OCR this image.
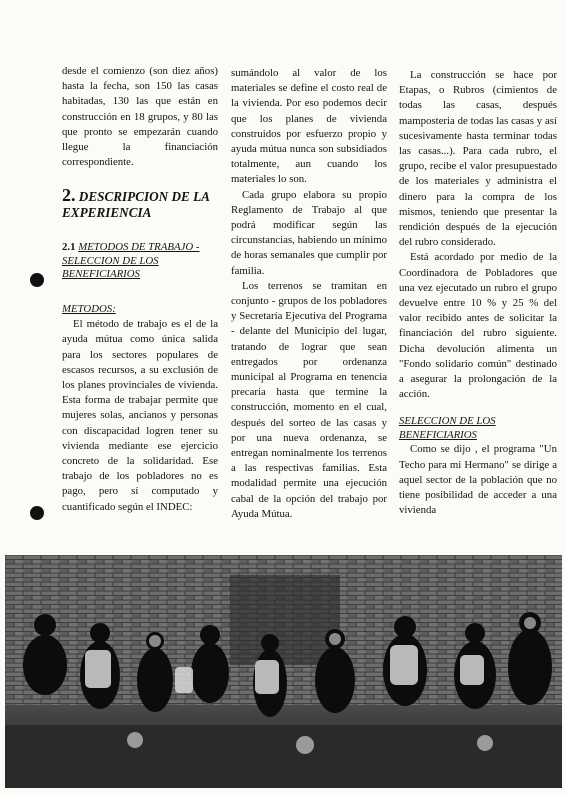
desde el comienzo (son diez años) hasta la fecha, son 150 las casas habitadas, 130 las que están en construcción en 18 grupos, y 80 las que pronto se empezarán cuando llegue la financiación correspondiente.

2. DESCRIPCION DE LA EXPERIENCIA
2.1 METODOS DE TRABAJO - SELECCION DE LOS BENEFICIARIOS
METODOS:

El método de trabajo es el de la ayuda mútua como única salida para los sectores populares de escasos recursos, a su exclusión de los planes provinciales de vivienda. Esta forma de trabajar permite que mujeres solas, ancianos y personas con discapacidad logren tener su vivienda mediante ese ejercicio concreto de la solidaridad. Ese trabajo de los pobladores no es pago, pero sí computado y cuantificado según el INDEC:

sumándolo al valor de los materiales se define el costo real de la vivienda. Por eso podemos decir que los planes de vivienda construidos por esfuerzo propio y ayuda mútua nunca son subsidiados totalmente, aun cuando los materiales lo son.

Cada grupo elabora su propio Reglamento de Trabajo al que podrá modificar según las circunstancias, habiendo un mínimo de horas semanales que cumplir por familia.

Los terrenos se tramitan en conjunto - grupos de los pobladores y Secretaría Ejecutiva del Programa - delante del Municipio del lugar, tratando de lograr que sean entregados por ordenanza municipal al Programa en tenencia precaria hasta que termine la construcción, momento en el cual, después del sorteo de las casas y por una nueva ordenanza, se entregan nominalmente los terrenos a las respectivas familias. Esta modalidad permite una ejecución cabal de la opción del trabajo por Ayuda Mútua.

La construcción se hace por Etapas, o Rubros (cimientos de todas las casas, después mamposteria de todas las casas y así sucesivamente hasta terminar todas las casas...). Para cada rubro, el grupo, recibe el valor presupuestado de los materiales y administra el dinero para la compra de los mismos, teniendo que presentar la rendición después de la ejecución del rubro considerado.

Está acordado por medio de la Coordinadora de Pobladores que una vez ejecutado un rubro el grupo devuelve entre 10 % y 25 % del valor recibido antes de solicitar la financiación del rubro siguiente. Dicha devolución alimenta un "Fondo solidario común" destinado a asegurar la prolongación de la acción.

SELECCION DE LOS BENEFICIARIOS

Como se dijo , el programa "Un Techo para mi Hermano" se dirige a aquel sector de la población que no tiene posibilidad de acceder a una vivienda
